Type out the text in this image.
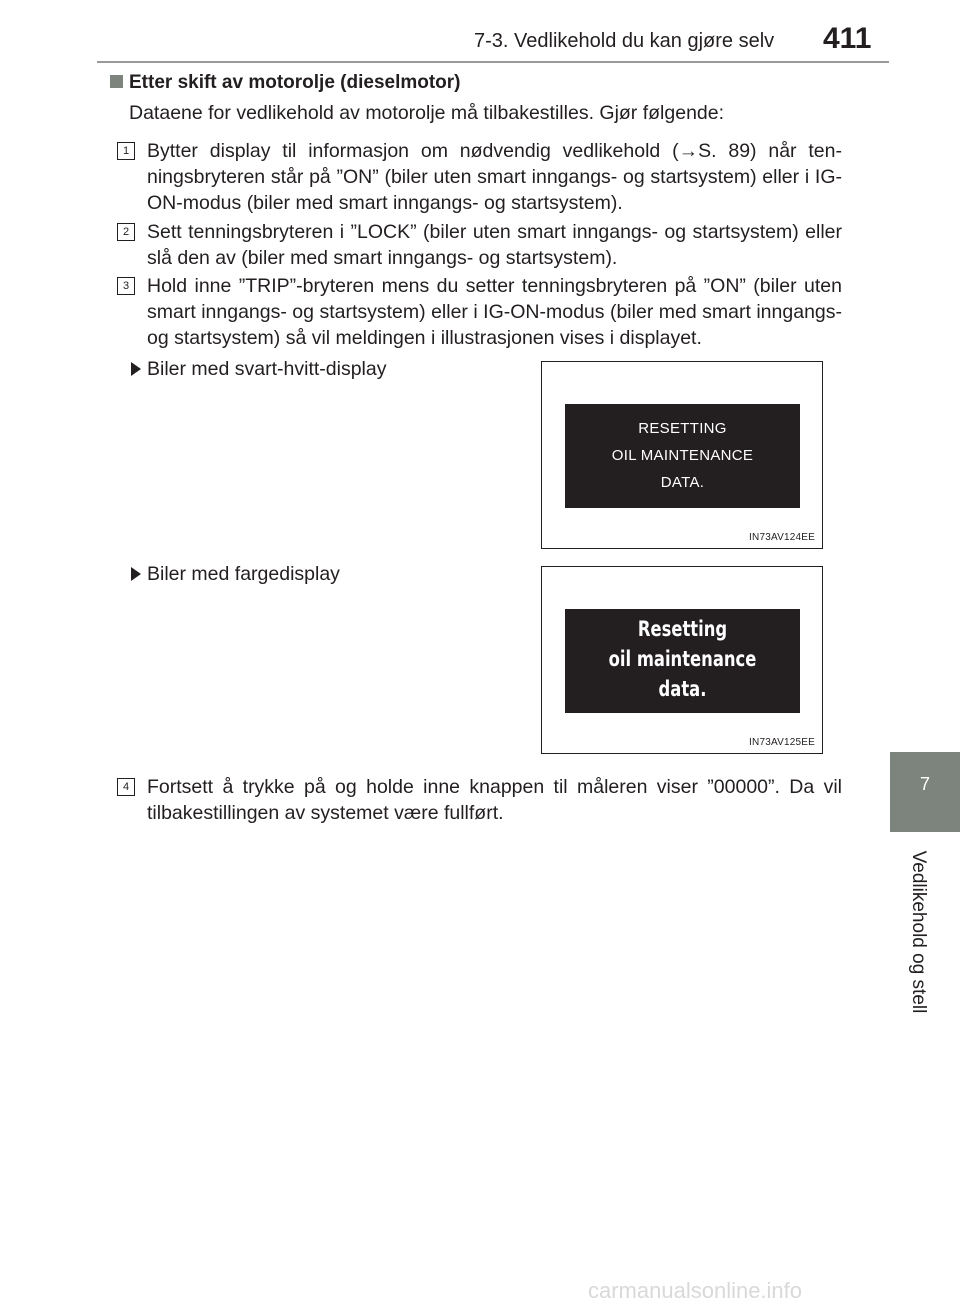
7-3. Vedlikehold du kan gjøre selv 411
7
Vedlikehold og stell
Etter skift av motorolje (dieselmotor)
Dataene for vedlikehold av motorolje må tilbakestilles. Gjør følgende:
1 Bytter display til informasjon om nødvendig vedlikehold (→S. 89) når tenningsbryteren står på ”ON” (biler uten smart inngangs- og startsystem) eller i IG-ON-modus (biler med smart inngangs- og startsystem).
2 Sett tenningsbryteren i ”LOCK” (biler uten smart inngangs- og startsystem) eller slå den av (biler med smart inngangs- og startsystem).
3 Hold inne ”TRIP”-bryteren mens du setter tenningsbryteren på ”ON” (biler uten smart inngangs- og startsystem) eller i IG-ON-modus (biler med smart inngangs- og startsystem) så vil meldingen i illustrasjonen vises i displayet.
Biler med svart-hvitt-display
RESETTING
OIL MAINTENANCE
DATA.
IN73AV124EE
Biler med fargedisplay
Resetting
oil maintenance
data.
IN73AV125EE
4 Fortsett å trykke på og holde inne knappen til måleren viser ”00000”. Da vil tilbakestillingen av systemet være fullført.
carmanualsonline.info
